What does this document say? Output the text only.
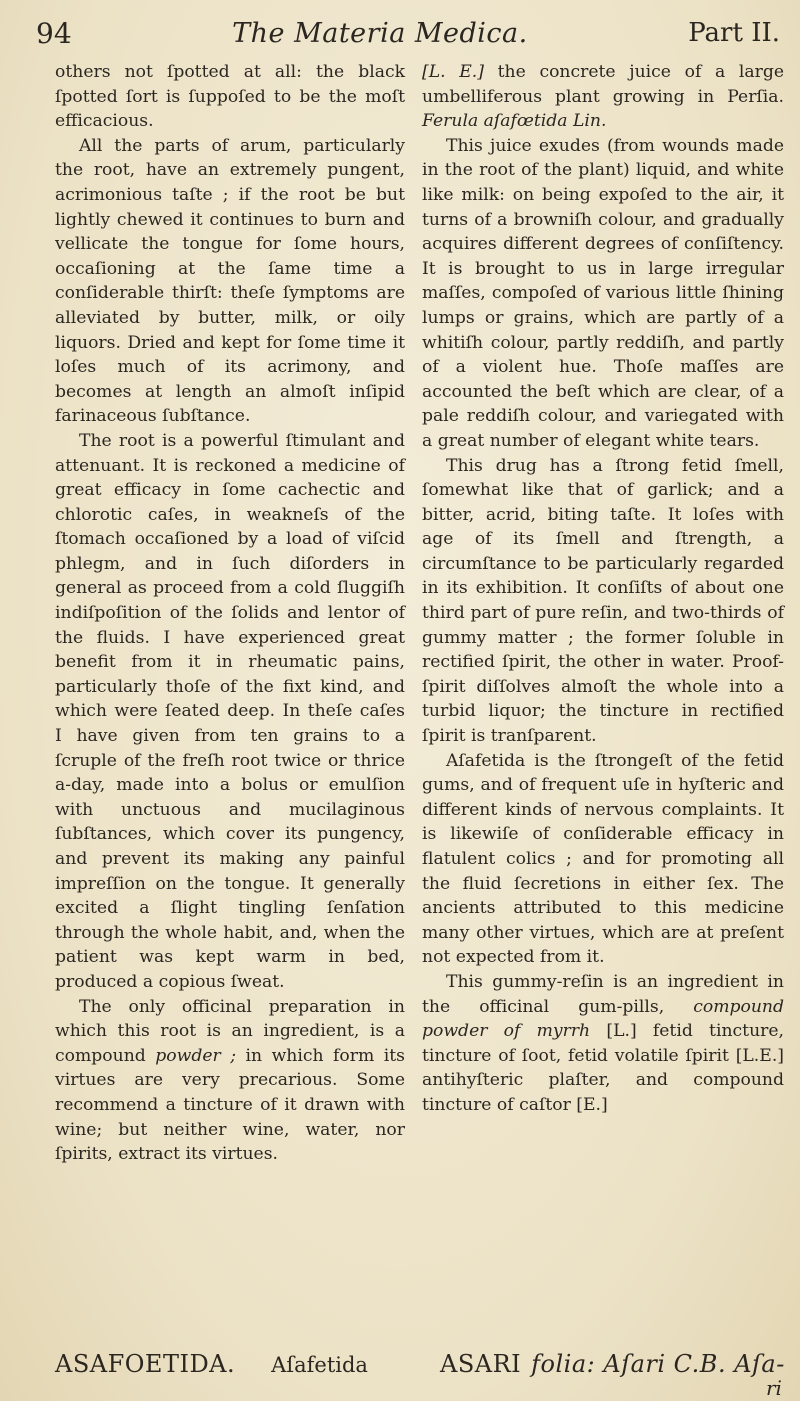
94	The Materia Medica.	Part II.

others not ſpotted at all: the black ſpotted ſort is ſuppoſed to be the moſt efficacious.

All the parts of arum, particularly the root, have an extremely pungent, acrimonious taſte ; if the root be but lightly chewed it continues to burn and vellicate the tongue for ſome hours, occaſioning at the ſame time a conſiderable thirſt: theſe ſymptoms are alleviated by butter, milk, or oily liquors. Dried and kept for ſome time it loſes much of its acrimony, and becomes at length an almoſt inſipid farinaceous ſubſtance.

The root is a powerful ſtimulant and attenuant. It is reckoned a medicine of great efficacy in ſome cachectic and chlorotic caſes, in weakneſs of the ſtomach occaſioned by a load of viſcid phlegm, and in ſuch diſorders in general as proceed from a cold ſluggiſh indiſpoſition of the ſolids and lentor of the fluids. I have experienced great benefit from it in rheumatic pains, particularly thoſe of the fixt kind, and which were ſeated deep. In theſe caſes I have given from ten grains to a ſcruple of the freſh root twice or thrice a-day, made into a bolus or emulſion with unctuous and mucilaginous ſubſtances, which cover its pungency, and prevent its making any painful impreſſion on the tongue. It generally excited a ſlight tingling ſenſation through the whole habit, and, when the patient was kept warm in bed, produced a copious ſweat.

The only officinal preparation in which this root is an ingredient, is a compound powder ; in which form its virtues are very precarious. Some recommend a tincture of it drawn with wine; but neither wine, water, nor ſpirits, extract its virtues.

[L. E.] the concrete juice of a large umbelliferous plant growing in Perſia. Ferula aſafœtida Lin.

This juice exudes (from wounds made in the root of the plant) liquid, and white like milk: on being expoſed to the air, it turns of a browniſh colour, and gradually acquires different degrees of conſiſtency. It is brought to us in large irregular maſſes, compoſed of various little ſhining lumps or grains, which are partly of a whitiſh colour, partly reddiſh, and partly of a violent hue. Thoſe maſſes are accounted the beſt which are clear, of a pale reddiſh colour, and variegated with a great number of elegant white tears.

This drug has a ſtrong fetid ſmell, ſomewhat like that of garlick; and a bitter, acrid, biting taſte. It loſes with age of its ſmell and ſtrength, a circumſtance to be particularly regarded in its exhibition. It conſiſts of about one third part of pure reſin, and two-thirds of gummy matter ; the former ſoluble in rectified ſpirit, the other in water. Proof-ſpirit diſſolves almoſt the whole into a turbid liquor; the tincture in rectified ſpirit is tranſparent.

Aſafetida is the ſtrongeſt of the fetid gums, and of frequent uſe in hyſteric and different kinds of nervous complaints. It is likewiſe of conſiderable efficacy in flatulent colics ; and for promoting all the fluid ſecretions in either ſex. The ancients attributed to this medicine many other virtues, which are at preſent not expected from it.

This gummy-reſin is an ingredient in the officinal gum-pills, compound powder of myrrh [L.] fetid tincture, tincture of ſoot, fetid volatile ſpirit [L.E.] antihyſteric plaſter, and compound tincture of caſtor [E.]

ASAFOETIDA. Aſafetida	ASARI folia: Aſari C.B. Aſa-
ri
